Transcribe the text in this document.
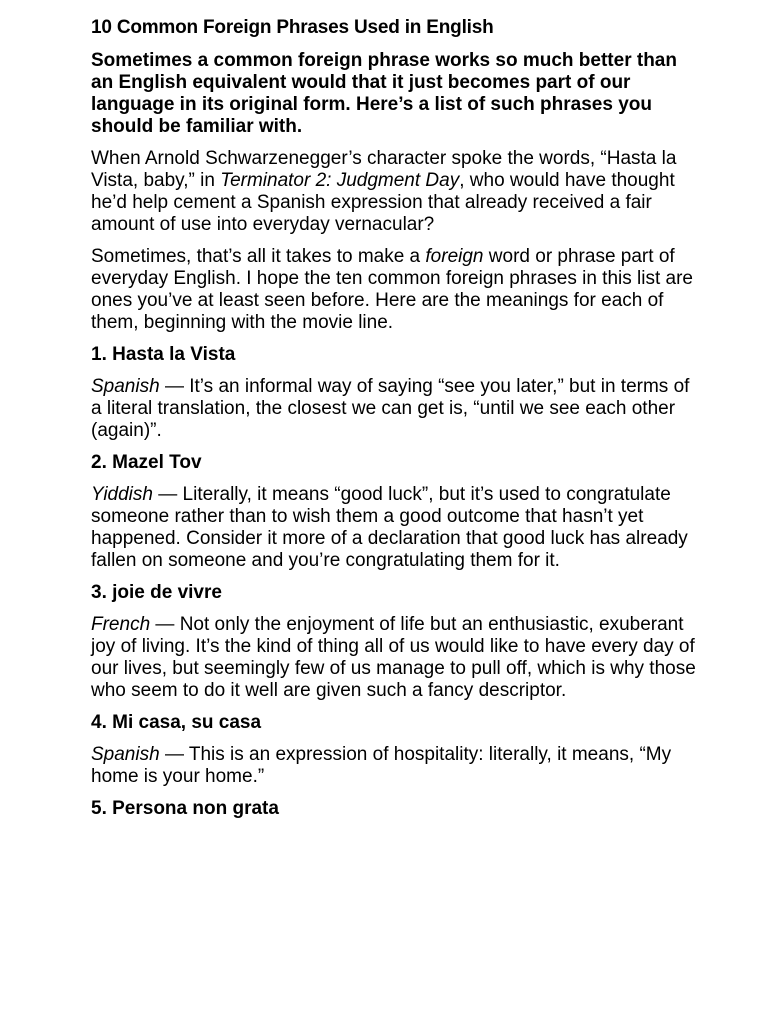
10 Common Foreign Phrases Used in English

Sometimes a common foreign phrase works so much better than an English equivalent would that it just becomes part of our language in its original form. Here’s a list of such phrases you should be familiar with.

When Arnold Schwarzenegger’s character spoke the words, “Hasta la Vista, baby,” in Terminator 2: Judgment Day, who would have thought he’d help cement a Spanish expression that already received a fair amount of use into everyday vernacular?

Sometimes, that’s all it takes to make a foreign word or phrase part of everyday English. I hope the ten common foreign phrases in this list are ones you’ve at least seen before. Here are the meanings for each of them, beginning with the movie line.

1. Hasta la Vista

Spanish — It’s an informal way of saying “see you later,” but in terms of a literal translation, the closest we can get is, “until we see each other (again)”.

2. Mazel Tov

Yiddish — Literally, it means “good luck”, but it’s used to congratulate someone rather than to wish them a good outcome that hasn’t yet happened. Consider it more of a declaration that good luck has already fallen on someone and you’re congratulating them for it.

3. joie de vivre

French — Not only the enjoyment of life but an enthusiastic, exuberant joy of living. It’s the kind of thing all of us would like to have every day of our lives, but seemingly few of us manage to pull off, which is why those who seem to do it well are given such a fancy descriptor.

4. Mi casa, su casa

Spanish — This is an expression of hospitality: literally, it means, “My home is your home.”

5. Persona non grata
